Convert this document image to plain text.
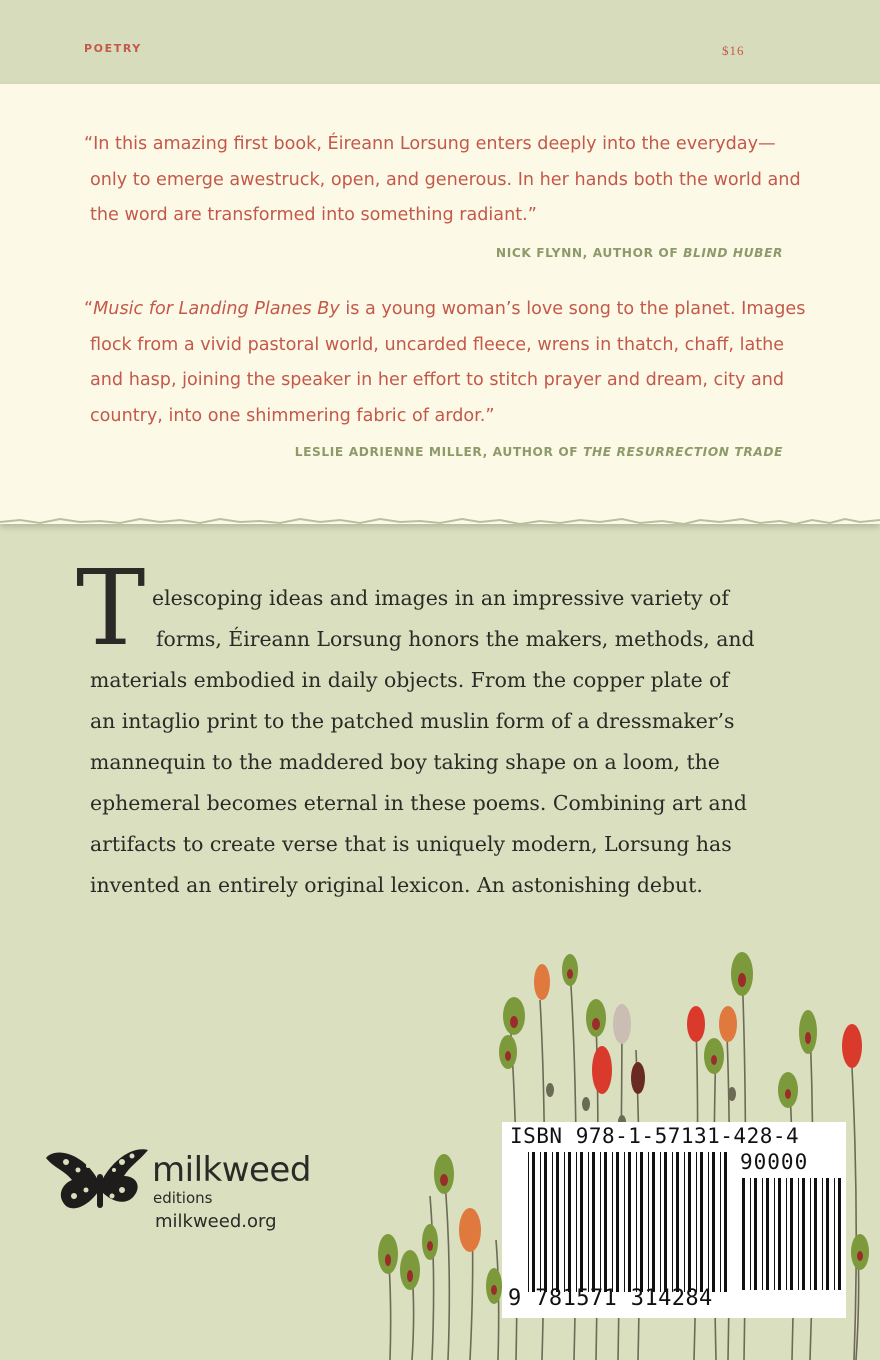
POETRY	$16
“In this amazing first book, Éireann Lorsung enters deeply into the everyday—
only to emerge awestruck, open, and generous. In her hands both the world and
the word are transformed into something radiant.”
NICK FLYNN, AUTHOR OF BLIND HUBER
“Music for Landing Planes By is a young woman’s love song to the planet. Images
flock from a vivid pastoral world, uncarded fleece, wrens in thatch, chaff, lathe
and hasp, joining the speaker in her effort to stitch prayer and dream, city and
country, into one shimmering fabric of ardor.”
LESLIE ADRIENNE MILLER, AUTHOR OF THE RESURRECTION TRADE
T elescoping ideas and images in an impressive variety of
forms, Éireann Lorsung honors the makers, methods, and
materials embodied in daily objects. From the copper plate of
an intaglio print to the patched muslin form of a dressmaker’s
mannequin to the maddered boy taking shape on a loom, the
ephemeral becomes eternal in these poems. Combining art and
artifacts to create verse that is uniquely modern, Lorsung has
invented an entirely original lexicon. An astonishing debut.
milkweed
editions
milkweed.org
ISBN 978-1-57131-428-4
90000
9 781571 314284
